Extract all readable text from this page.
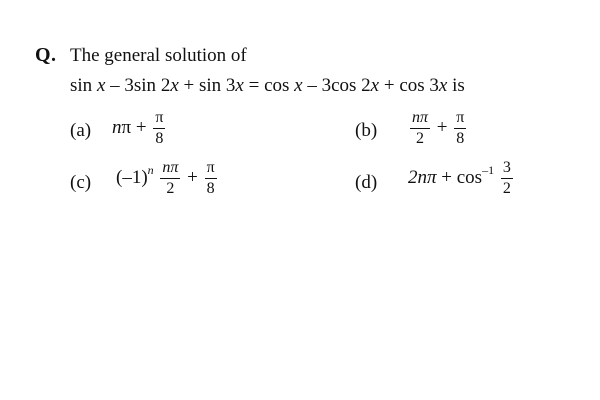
Q. The general solution of
sin x – 3sin 2x + sin 3x = cos x – 3cos 2x + cos 3x is
(a) $n\pi + \frac{\pi}{8}$	$(b) \frac{n\pi}{2} + \frac{\pi}{8}$
(c) $(-1)^n \frac{n\pi}{2} + \frac{\pi}{8}$	(d) $2n\pi + \cos^{-1} \frac{3}{2}$
